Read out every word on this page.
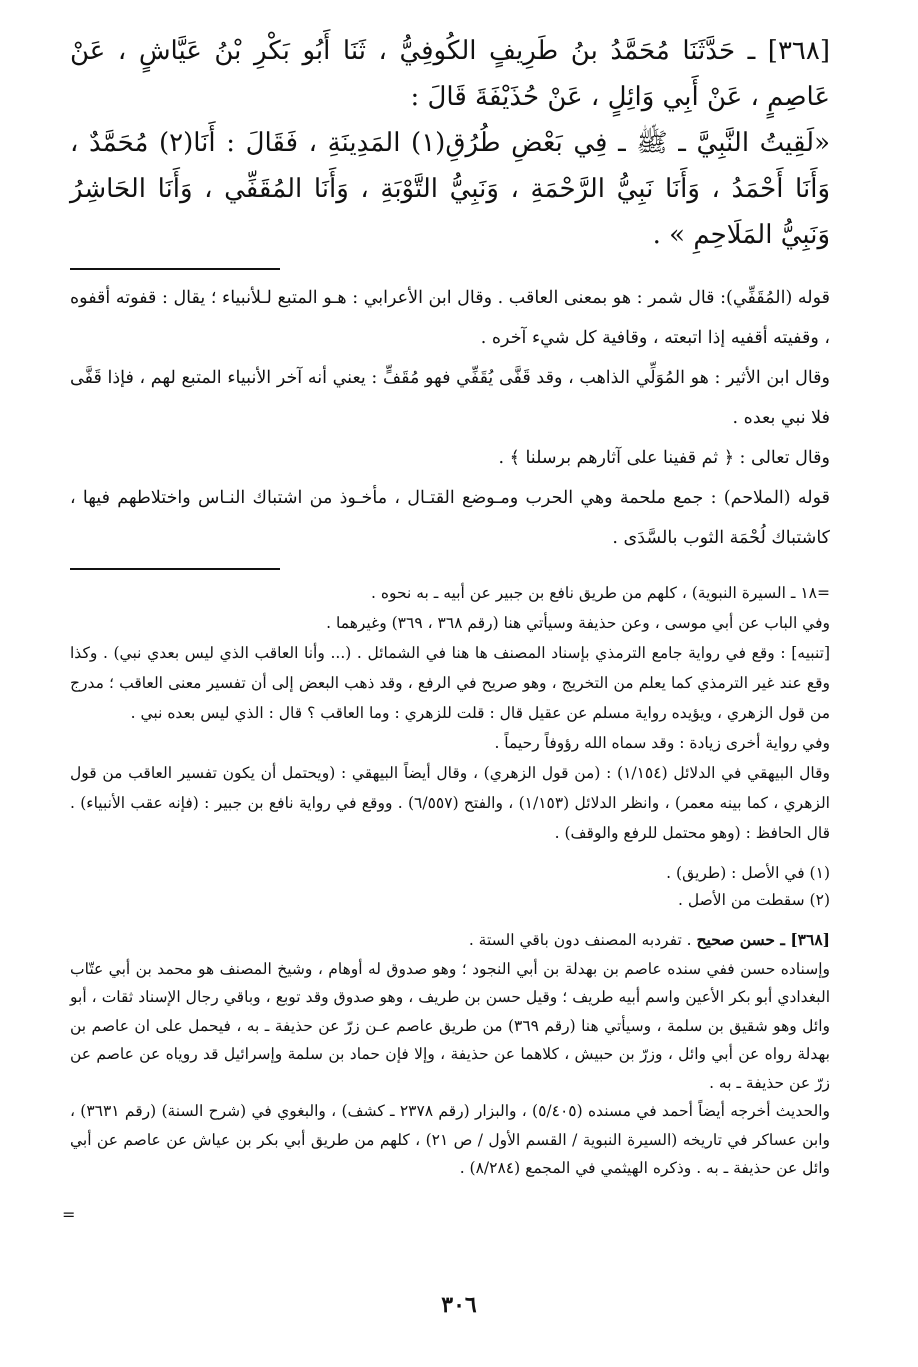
[٣٦٨] ـ حَدَّثَنَا مُحَمَّدُ بنُ طَرِيفٍ الكُوفِيُّ ، ثَنَا أَبُو بَكْرِ بْنُ عَيَّاشٍ ، عَنْ عَاصِمٍ ، عَنْ أَبِي وَائِلٍ ، عَنْ حُذَيْفَةَ قَالَ :

«لَقِيتُ النَّبِيَّ ـ ﷺ ـ فِي بَعْضِ طُرُقِ(١) المَدِينَةِ ، فَقَالَ : أَنَا(٢) مُحَمَّدٌ ، وَأَنَا أَحْمَدُ ، وَأَنَا نَبِيُّ الرَّحْمَةِ ، وَنَبِيُّ التَّوْبَةِ ، وَأَنَا المُقَفِّي ، وَأَنَا الحَاشِرُ وَنَبِيُّ المَلَاحِمِ » .

قوله (المُقَفِّي): قال شمر : هو بمعنى العاقب . وقال ابن الأعرابي : هـو المتبع لـلأنبياء ؛ يقال : قفوته أقفوه ، وقفيته أقفيه إذا اتبعته ، وقافية كل شيء آخره .

وقال ابن الأثير : هو المُوَلِّي الذاهب ، وقد قَفَّى يُقَفِّي فهو مُقَفٍّ : يعني أنه آخر الأنبياء المتبع لهم ، فإذا قَفَّى فلا نبي بعده .

وقال تعالى : ﴿ ثم قفينا على آثارهم برسلنا ﴾ .

قوله (الملاحم) : جمع ملحمة وهي الحرب ومـوضع القتـال ، مأخـوذ من اشتباك النـاس واختلاطهم فيها ، كاشتباك لُحْمَة الثوب بالسَّدَى .

=١٨ ـ السيرة النبوية) ، كلهم من طريق نافع بن جبير عن أبيه ـ به نحوه .

وفي الباب عن أبي موسى ، وعن حذيفة وسيأتي هنا (رقم ٣٦٨ ، ٣٦٩) وغيرهما .

[تنبيه] : وقع في رواية جامع الترمذي بإسناد المصنف ها هنا في الشمائل . (... وأنا العاقب الذي ليس بعدي نبي) . وكذا وقع عند غير الترمذي كما يعلم من التخريج ، وهو صريح في الرفع ، وقد ذهب البعض إلى أن تفسير معنى العاقب ؛ مدرج من قول الزهري ، ويؤيده رواية مسلم عن عقيل قال : قلت للزهري : وما العاقب ؟ قال : الذي ليس بعده نبي .

وفي رواية أخرى زيادة : وقد سماه الله رؤوفاً رحيماً .

وقال البيهقي في الدلائل (١/١٥٤) : (من قول الزهري) ، وقال أيضاً البيهقي : (ويحتمل أن يكون تفسير العاقب من قول الزهري ، كما بينه معمر) ، وانظر الدلائل (١/١٥٣) ، والفتح (٦/٥٥٧) . ووقع في رواية نافع بن جبير : (فإنه عقب الأنبياء) . قال الحافظ : (وهو محتمل للرفع والوقف) .

(١) في الأصل : (طريق) .

(٢) سقطت من الأصل .

[٣٦٨] ـ حسن صحيح . تفردبه المصنف دون باقي الستة .

وإسناده حسن ففي سنده عاصم بن بهدلة بن أبي النجود ؛ وهو صدوق له أوهام ، وشيخ المصنف هو محمد بن أبي عتّاب البغدادي أبو بكر الأعين واسم أبيه طريف ؛ وقيل حسن بن طريف ، وهو صدوق وقد توبع ، وباقي رجال الإسناد ثقات ، أبو وائل وهو شقيق بن سلمة ، وسيأتي هنا (رقم ٣٦٩) من طريق عاصم عـن زرّ عن حذيفة ـ به ، فيحمل على ان عاصم بن بهدلة رواه عن أبي وائل ، وزرّ بن حبيش ، كلاهما عن حذيفة ، وإلا فإن حماد بن سلمة وإسرائيل قد روياه عن عاصم عن زرّ عن حذيفة ـ به .

والحديث أخرجه أيضاً أحمد في مسنده (٥/٤٠٥) ، والبزار (رقم ٢٣٧٨ ـ كشف) ، والبغوي في (شرح السنة) (رقم ٣٦٣١) ، وابن عساكر في تاريخه (السيرة النبوية / القسم الأول / ص ٢١) ، كلهم من طريق أبي بكر بن عياش عن عاصم عن أبي وائل عن حذيفة ـ به . وذكره الهيثمي في المجمع (٨/٢٨٤) .

=
٣٠٦
